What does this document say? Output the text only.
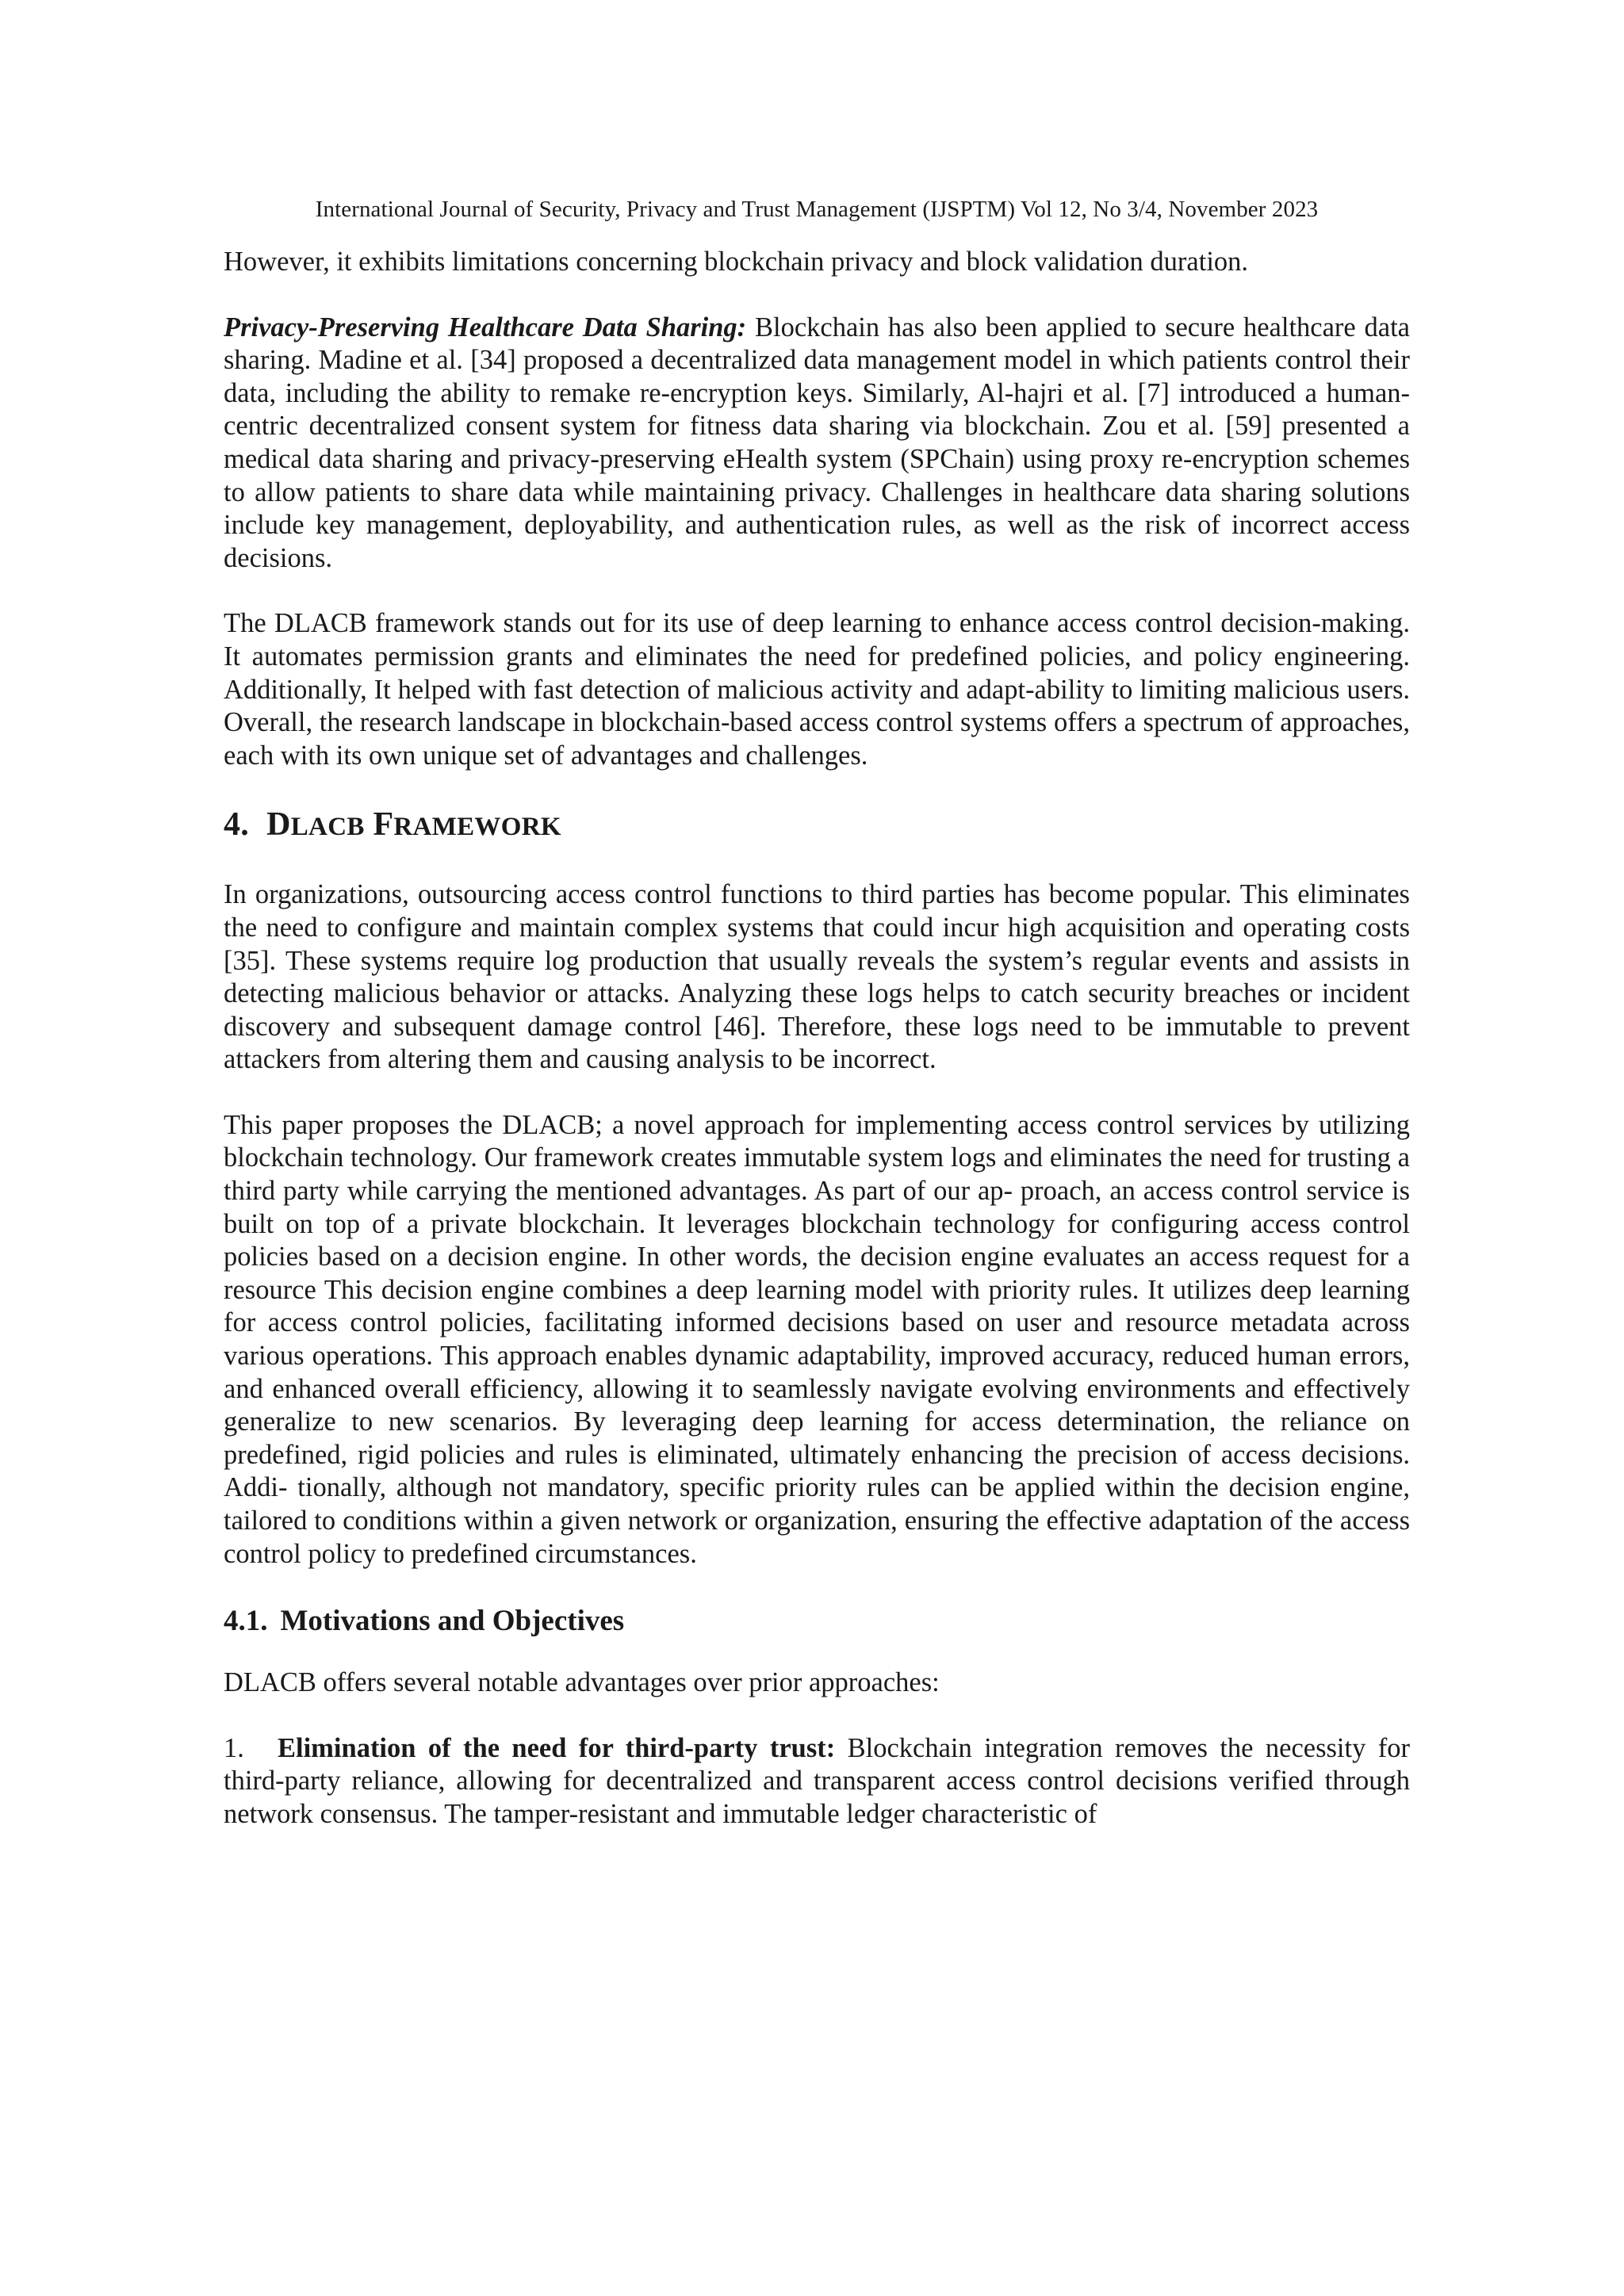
International Journal of Security, Privacy and Trust Management (IJSPTM) Vol 12, No 3/4, November 2023

However, it exhibits limitations concerning blockchain privacy and block validation duration.

Privacy-Preserving Healthcare Data Sharing: Blockchain has also been applied to secure healthcare data sharing. Madine et al. [34] proposed a decentralized data management model in which patients control their data, including the ability to remake re-encryption keys. Similarly, Al-hajri et al. [7] introduced a human-centric decentralized consent system for fitness data sharing via blockchain. Zou et al. [59] presented a medical data sharing and privacy-preserving eHealth system (SPChain) using proxy re-encryption schemes to allow patients to share data while maintaining privacy. Challenges in healthcare data sharing solutions include key management, deployability, and authentication rules, as well as the risk of incorrect access decisions.

The DLACB framework stands out for its use of deep learning to enhance access control decision-making. It automates permission grants and eliminates the need for predefined policies, and policy engineering. Additionally, It helped with fast detection of malicious activity and adapt-ability to limiting malicious users. Overall, the research landscape in blockchain-based access control systems offers a spectrum of approaches, each with its own unique set of advantages and challenges.

4. DLACB FRAMEWORK

In organizations, outsourcing access control functions to third parties has become popular. This eliminates the need to configure and maintain complex systems that could incur high acquisition and operating costs [35]. These systems require log production that usually reveals the system’s regular events and assists in detecting malicious behavior or attacks. Analyzing these logs helps to catch security breaches or incident discovery and subsequent damage control [46]. Therefore, these logs need to be immutable to prevent attackers from altering them and causing analysis to be incorrect.

This paper proposes the DLACB; a novel approach for implementing access control services by utilizing blockchain technology. Our framework creates immutable system logs and eliminates the need for trusting a third party while carrying the mentioned advantages. As part of our ap- proach, an access control service is built on top of a private blockchain. It leverages blockchain technology for configuring access control policies based on a decision engine. In other words, the decision engine evaluates an access request for a resource This decision engine combines a deep learning model with priority rules. It utilizes deep learning for access control policies, facilitating informed decisions based on user and resource metadata across various operations. This approach enables dynamic adaptability, improved accuracy, reduced human errors, and enhanced overall efficiency, allowing it to seamlessly navigate evolving environments and effectively generalize to new scenarios. By leveraging deep learning for access determination, the reliance on predefined, rigid policies and rules is eliminated, ultimately enhancing the precision of access decisions. Addi- tionally, although not mandatory, specific priority rules can be applied within the decision engine, tailored to conditions within a given network or organization, ensuring the effective adaptation of the access control policy to predefined circumstances.

4.1. Motivations and Objectives

DLACB offers several notable advantages over prior approaches:

1. Elimination of the need for third-party trust: Blockchain integration removes the necessity for third-party reliance, allowing for decentralized and transparent access control decisions verified through network consensus. The tamper-resistant and immutable ledger characteristic of
